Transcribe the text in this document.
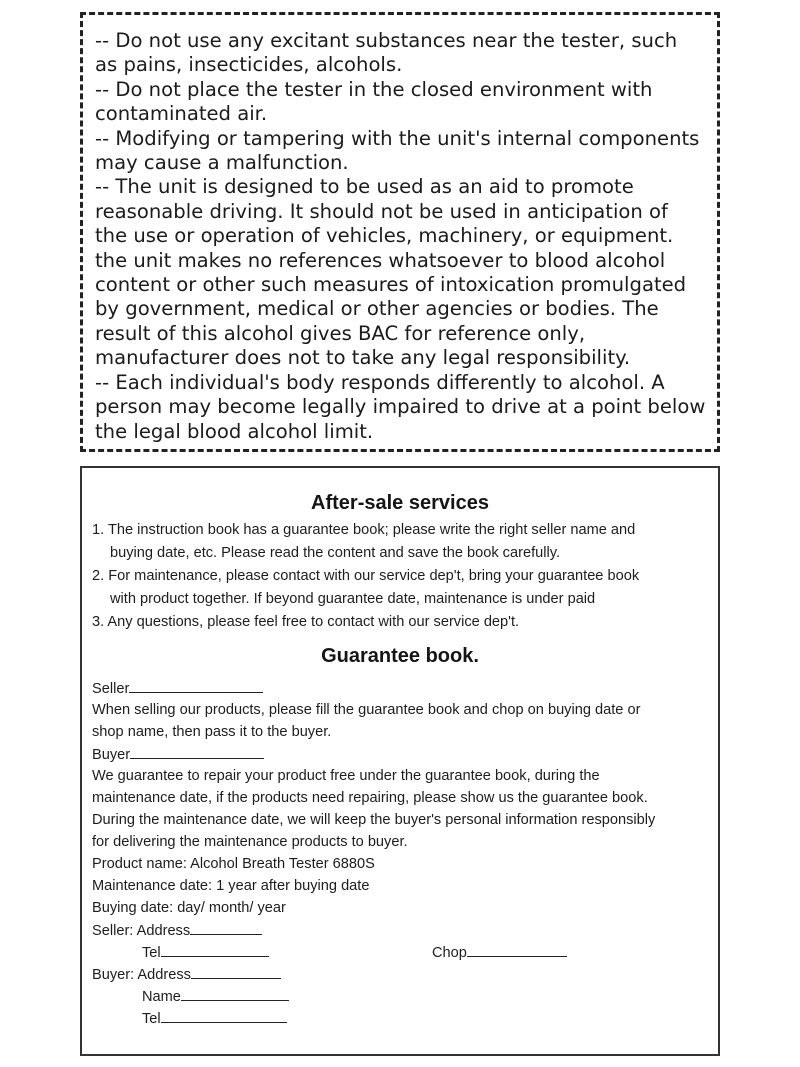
-- Do not use any excitant substances near the tester, such
as pains, insecticides, alcohols.
-- Do not place the tester in the closed environment with
contaminated air.
-- Modifying or tampering with the unit's internal components
may cause a malfunction.
-- The unit is designed to be used as an aid to promote
reasonable driving. It should not be used in anticipation of
the use or operation of vehicles, machinery, or equipment.
the unit makes no references whatsoever to blood alcohol
content or other such measures of intoxication promulgated
by government, medical or other agencies or bodies. The
result of this alcohol gives BAC for reference only,
manufacturer does not to take any legal responsibility.
-- Each individual's body responds differently to alcohol. A
person may become legally impaired to drive at a point below
the legal blood alcohol limit.
After-sale services
1. The instruction book has a guarantee book; please write the right seller name and
buying date, etc. Please read the content and save the book carefully.
2. For maintenance, please contact with our service dep't, bring your guarantee book
with product together. If beyond guarantee date, maintenance is under paid
3. Any questions, please feel free to contact with our service dep't.
Guarantee book.
Seller
When selling our products, please fill the guarantee book and chop on buying date or
shop name, then pass it to the buyer.
Buyer
We guarantee to repair your product free under the guarantee book, during the
maintenance date, if the products need repairing, please show us the guarantee book.
During the maintenance date, we will keep the buyer's personal information responsibly
for delivering the maintenance products to buyer.
Product name: Alcohol Breath Tester 6880S
Maintenance date: 1 year after buying date
Buying date: day/ month/ year
Seller: Address
Tel	Chop
Buyer: Address
Name
Tel
